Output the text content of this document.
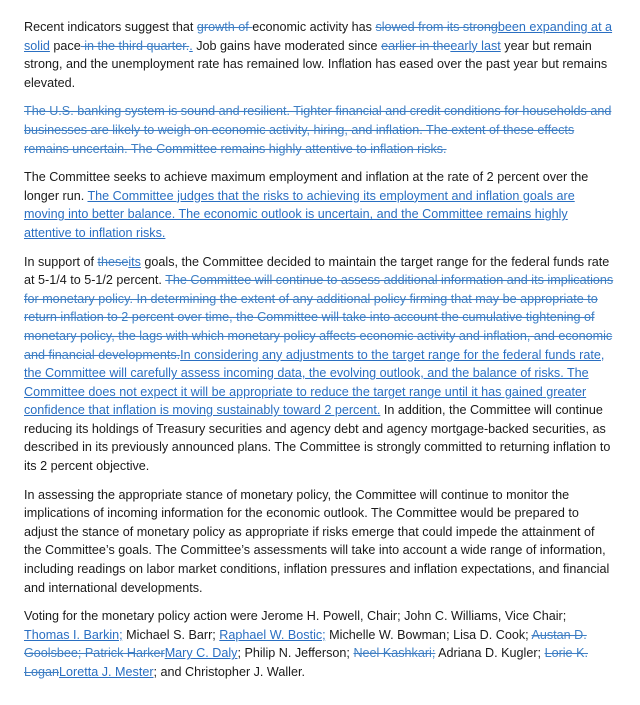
Recent indicators suggest that growth of economic activity has slowed from its strongbeen expanding at a solid pace in the third quarter.. Job gains have moderated since earlier in theearly last year but remain strong, and the unemployment rate has remained low. Inflation has eased over the past year but remains elevated.

The U.S. banking system is sound and resilient. Tighter financial and credit conditions for households and businesses are likely to weigh on economic activity, hiring, and inflation. The extent of these effects remains uncertain. The Committee remains highly attentive to inflation risks.

The Committee seeks to achieve maximum employment and inflation at the rate of 2 percent over the longer run. The Committee judges that the risks to achieving its employment and inflation goals are moving into better balance. The economic outlook is uncertain, and the Committee remains highly attentive to inflation risks.

In support of theseits goals, the Committee decided to maintain the target range for the federal funds rate at 5-1/4 to 5-1/2 percent. The Committee will continue to assess additional information and its implications for monetary policy. In determining the extent of any additional policy firming that may be appropriate to return inflation to 2 percent over time, the Committee will take into account the cumulative tightening of monetary policy, the lags with which monetary policy affects economic activity and inflation, and economic and financial developments.In considering any adjustments to the target range for the federal funds rate, the Committee will carefully assess incoming data, the evolving outlook, and the balance of risks. The Committee does not expect it will be appropriate to reduce the target range until it has gained greater confidence that inflation is moving sustainably toward 2 percent. In addition, the Committee will continue reducing its holdings of Treasury securities and agency debt and agency mortgage-backed securities, as described in its previously announced plans. The Committee is strongly committed to returning inflation to its 2 percent objective.

In assessing the appropriate stance of monetary policy, the Committee will continue to monitor the implications of incoming information for the economic outlook. The Committee would be prepared to adjust the stance of monetary policy as appropriate if risks emerge that could impede the attainment of the Committee’s goals. The Committee’s assessments will take into account a wide range of information, including readings on labor market conditions, inflation pressures and inflation expectations, and financial and international developments.

Voting for the monetary policy action were Jerome H. Powell, Chair; John C. Williams, Vice Chair; Thomas I. Barkin; Michael S. Barr; Raphael W. Bostic; Michelle W. Bowman; Lisa D. Cook; Austan D. Goolsbee; Patrick HarkerMary C. Daly; Philip N. Jefferson; Neel Kashkari; Adriana D. Kugler; Lorie K. LoganLoretta J. Mester; and Christopher J. Waller.
